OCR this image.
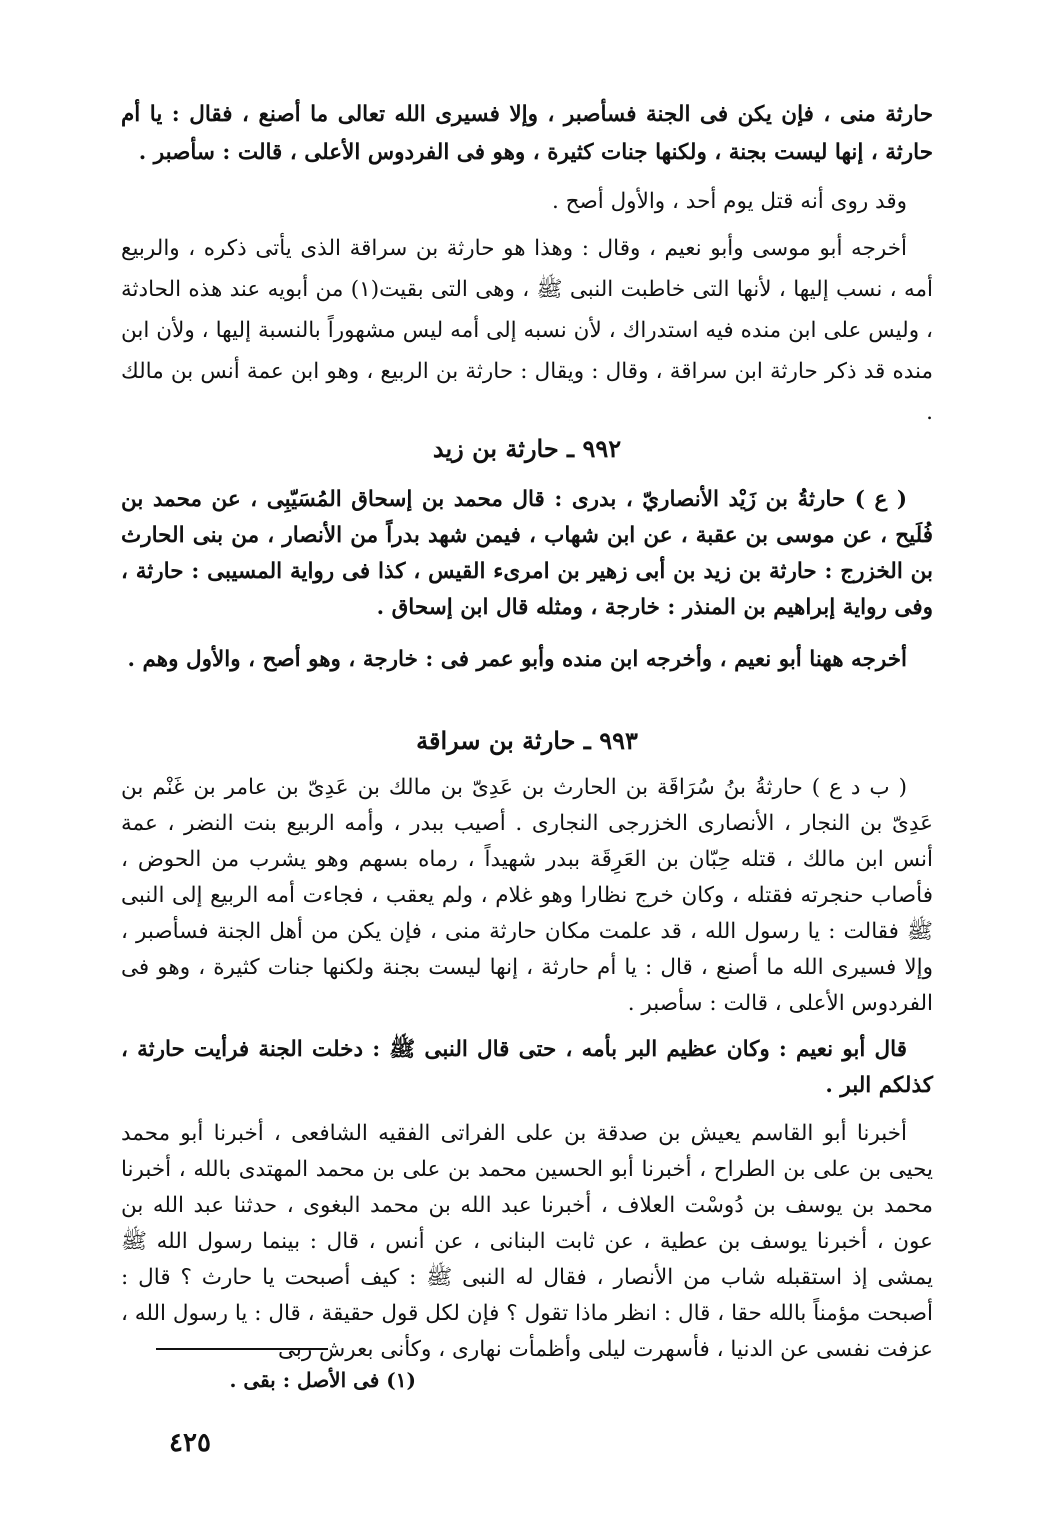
حارثة منى ، فإن يكن فى الجنة فسأصبر ، وإلا فسيرى الله تعالى ما أصنع ، فقال : يا أم حارثة ، إنها ليست بجنة ، ولكنها جنات كثيرة ، وهو فى الفردوس الأعلى ، قالت : سأصبر .

وقد روى أنه قتل يوم أحد ، والأول أصح .

أخرجه أبو موسى وأبو نعيم ، وقال : وهذا هو حارثة بن سراقة الذى يأتى ذكره ، والربيع أمه ، نسب إليها ، لأنها التى خاطبت النبى ﷺ ، وهى التى بقيت(١) من أبويه عند هذه الحادثة ، وليس على ابن منده فيه استدراك ، لأن نسبه إلى أمه ليس مشهوراً بالنسبة إليها ، ولأن ابن منده قد ذكر حارثة ابن سراقة ، وقال : ويقال : حارثة بن الربيع ، وهو ابن عمة أنس بن مالك .

٩٩٢ ـ حارثة بن زيد

( ع ) حارثةُ بن زَيْد الأنصاريّ ، بدرى : قال محمد بن إسحاق المُسَيّبِى ، عن محمد بن فُلَيح ، عن موسى بن عقبة ، عن ابن شهاب ، فيمن شهد بدراً من الأنصار ، من بنى الحارث بن الخزرج : حارثة بن زيد بن أبى زهير بن امرىء القيس ، كذا فى رواية المسيبى : حارثة ، وفى رواية إبراهيم بن المنذر : خارجة ، ومثله قال ابن إسحاق .

أخرجه ههنا أبو نعيم ، وأخرجه ابن منده وأبو عمر فى : خارجة ، وهو أصح ، والأول وهم .

٩٩٣ ـ حارثة بن سراقة

( ب د ع ) حارثةُ بنُ سُرَاقَة بن الحارث بن عَدِىّ بن مالك بن عَدِىّ بن عامر بن غَنْم بن عَدِىّ بن النجار ، الأنصارى الخزرجى النجارى . أصيب ببدر ، وأمه الربيع بنت النضر ، عمة أنس ابن مالك ، قتله حِبّان بن العَرِقَة ببدر شهيداً ، رماه بسهم وهو يشرب من الحوض ، فأصاب حنجرته فقتله ، وكان خرج نظارا وهو غلام ، ولم يعقب ، فجاءت أمه الربيع إلى النبى ﷺ فقالت : يا رسول الله ، قد علمت مكان حارثة منى ، فإن يكن من أهل الجنة فسأصبر ، وإلا فسيرى الله ما أصنع ، قال : يا أم حارثة ، إنها ليست بجنة ولكنها جنات كثيرة ، وهو فى الفردوس الأعلى ، قالت : سأصبر .

قال أبو نعيم : وكان عظيم البر بأمه ، حتى قال النبى ﷺ : دخلت الجنة فرأيت حارثة ، كذلكم البر .

أخبرنا أبو القاسم يعيش بن صدقة بن على الفراتى الفقيه الشافعى ، أخبرنا أبو محمد يحيى بن على بن الطراح ، أخبرنا أبو الحسين محمد بن على بن محمد المهتدى بالله ، أخبرنا محمد بن يوسف بن دُوسْت العلاف ، أخبرنا عبد الله بن محمد البغوى ، حدثنا عبد الله بن عون ، أخبرنا يوسف بن عطية ، عن ثابت البنانى ، عن أنس ، قال : بينما رسول الله ﷺ يمشى إذ استقبله شاب من الأنصار ، فقال له النبى ﷺ : كيف أصبحت يا حارث ؟ قال : أصبحت مؤمناً بالله حقا ، قال : انظر ماذا تقول ؟ فإن لكل قول حقيقة ، قال : يا رسول الله ، عزفت نفسى عن الدنيا ، فأسهرت ليلى وأظمأت نهارى ، وكأنى بعرش ربى

(١) فى الأصل : بقى .
٤٢٥
